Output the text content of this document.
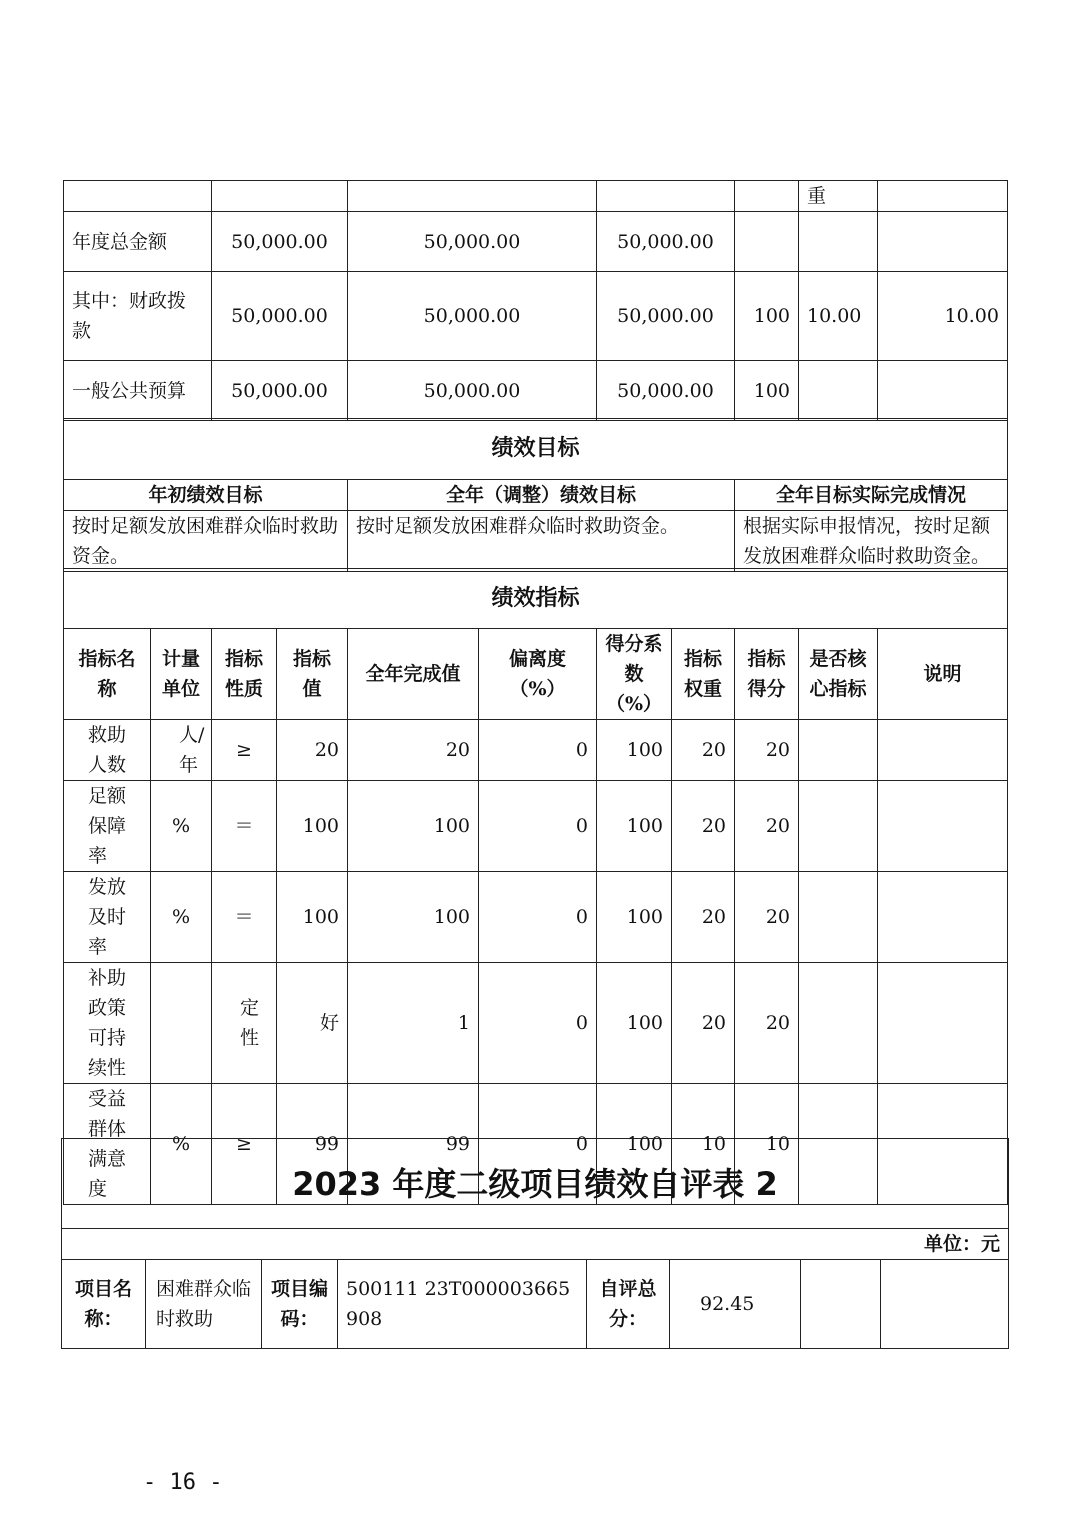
					重	
年度总金额	50,000.00	50,000.00	50,000.00			
其中：财政拨款	50,000.00	50,000.00	50,000.00	100	10.00	10.00
一般公共预算	50,000.00	50,000.00	50,000.00	100		
绩效目标		
年初绩效目标	全年（调整）绩效目标	全年目标实际完成情况
按时足额发放困难群众临时救助资金。	按时足额发放困难群众临时救助资金。	根据实际申报情况，按时足额发放困难群众临时救助资金。
绩效指标										
指标名称	计量单位	指标性质	指标值	全年完成值	偏离度（%）	得分系数（%）	指标权重	指标得分	是否核心指标	说明
救助人数	人/年	≥	20	20	0	100	20	20		
足额保障率	%	＝	100	100	0	100	20	20		
发放及时率	%	＝	100	100	0	100	20	20		
补助政策可持续性		定性	好	1	0	100	20	20		
受益群体满意度	%	≥	99	99	0	100	10	10		
2023 年度二级项目绩效自评表 2
单位：元
项目名称：	困难群众临时救助	项目编码：	500111 23T000003665908	自评总分：	92.45		
- 16 -
